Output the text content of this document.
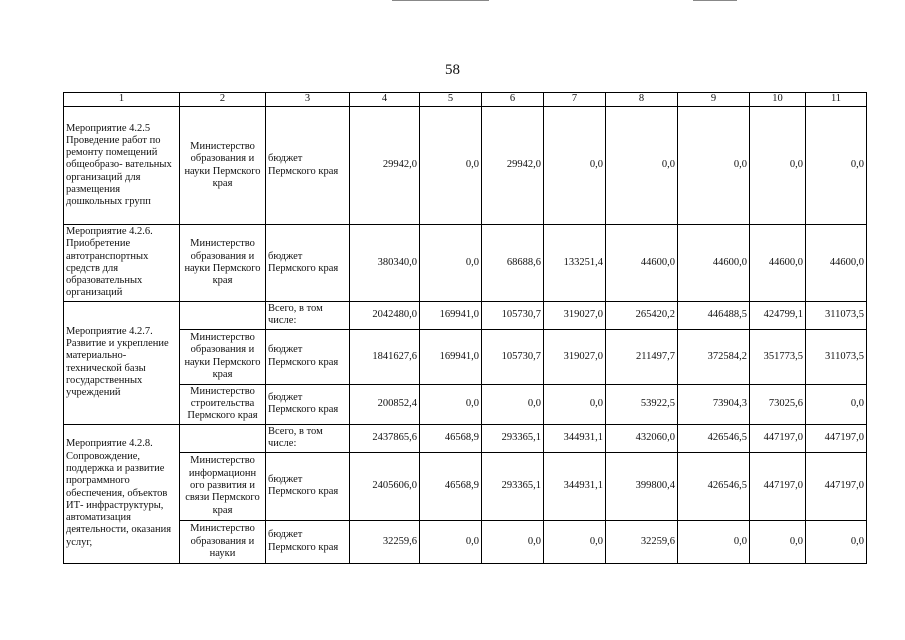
58
1	2	3	4	5	6	7	8	9	10	11
Мероприятие 4.2.5 Проведение работ по ремонту помещений общеобразо- вательных организаций для размещения дошкольных групп	Министерство образования и науки Пермского края	бюджет Пермского края	29942,0	0,0	29942,0	0,0	0,0	0,0	0,0	0,0
Мероприятие 4.2.6. Приобретение автотранспортных средств для образовательных организаций	Министерство образования и науки Пермского края	бюджет Пермского края	380340,0	0,0	68688,6	133251,4	44600,0	44600,0	44600,0	44600,0
Мероприятие 4.2.7. Развитие и укрепление материально- технической базы государственных учреждений		Всего, в том числе:	2042480,0	169941,0	105730,7	319027,0	265420,2	446488,5	424799,1	311073,5
	Министерство образования и науки Пермского края	бюджет Пермского края	1841627,6	169941,0	105730,7	319027,0	211497,7	372584,2	351773,5	311073,5
	Министерство строительства Пермского края	бюджет Пермского края	200852,4	0,0	0,0	0,0	53922,5	73904,3	73025,6	0,0
Мероприятие 4.2.8. Сопровождение, поддержка и развитие программного обеспечения, объектов ИТ- инфраструктуры, автоматизация деятельности, оказания услуг,		Всего, в том числе:	2437865,6	46568,9	293365,1	344931,1	432060,0	426546,5	447197,0	447197,0
	Министерство информационн ого развития и связи Пермского края	бюджет Пермского края	2405606,0	46568,9	293365,1	344931,1	399800,4	426546,5	447197,0	447197,0
	Министерство образования и науки	бюджет Пермского края	32259,6	0,0	0,0	0,0	32259,6	0,0	0,0	0,0
